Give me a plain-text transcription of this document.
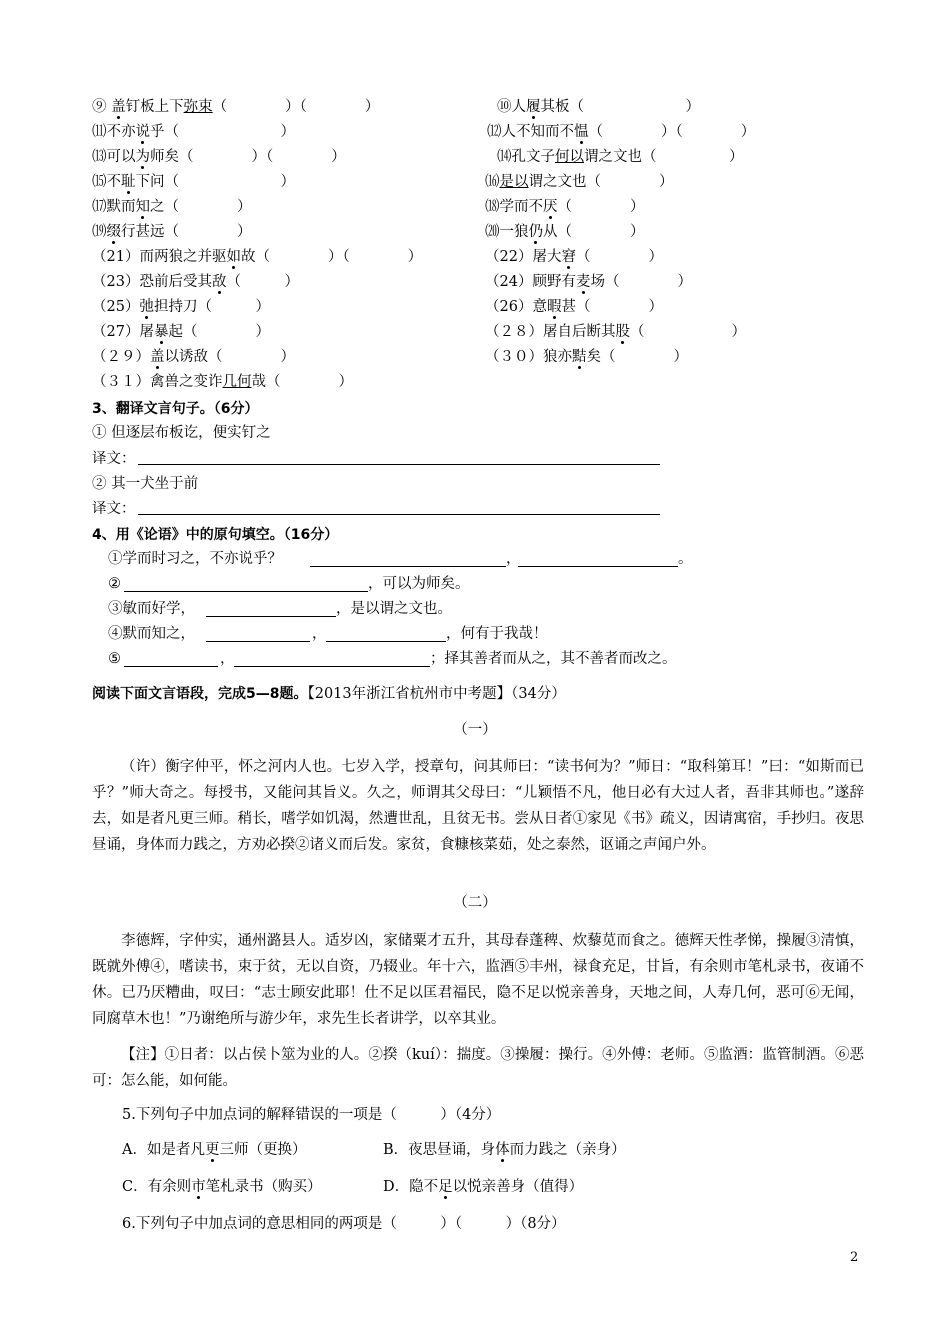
⑨ 盖钉板上下弥束（　　　　）（　　　　）	⑩人履其板（　　　　　　　）
⑾不亦说乎（　　　　　　　）	⑿人不知而不愠（　　　　）（　　　　）
⒀可以为师矣（　　　　）（　　　　）	⒁孔文子何以谓之文也（　　　　　）
⒂不耻下问（　　　　　　　）	⒃是以谓之文也（　　　　）
⒄默而知之（　　　　）	⒅学而不厌（　　　　）
⒆缀行甚远（　　　　）	⒇一狼仍从（　　　　）
（21）而两狼之并驱如故（　　　　）（　　　　）	（22）屠大窘（　　　　）
（23）恐前后受其敌（　　　）	（24）顾野有麦场（　　　　）
（25）弛担持刀（　　　）	（26）意暇甚（　　　　）
（27）屠暴起（　　　　）	（２８）屠自后断其股（　　　　　　）
（２９）盖以诱敌（　　　　）	（３０）狼亦黠矣（　　　　）
（３１）禽兽之变诈几何哉（　　　　）
3、翻译文言句子。（6分）
① 但逐层布板讫，便实钉之
译文：
② 其一犬坐于前
译文：
4、用《论语》中的原句填空。（16分）
①学而时习之，不亦说乎？	，	。
②	，可以为师矣。
③敏而好学，	，是以谓之文也。
④默而知之，	，	，何有于我哉！
⑤	，	；择其善者而从之，其不善者而改之。
阅读下面文言语段，完成5—8题。【2013年浙江省杭州市中考题】（34分）
（一）
（许）衡字仲平，怀之河内人也。七岁入学，授章句，问其师曰：“读书何为？”师日：“取科第耳！”曰：“如斯而已乎？”师大奇之。每授书，又能问其旨义。久之，师谓其父母曰：“儿颖悟不凡，他日必有大过人者，吾非其师也。”遂辞去，如是者凡更三师。稍长，嗜学如饥渴，然遭世乱，且贫无书。尝从日者①家见《书》疏义，因请寓宿，手抄归。夜思昼诵，身体而力践之，方劝必揆②诸义而后发。家贫，食糠核菜茹，处之泰然，讴诵之声闻户外。
（二）
李德辉，字仲实，通州潞县人。适岁凶，家储粟才五升，其母春蓬稗、炊藜苋而食之。德辉天性孝悌，操履③清慎，既就外傅④，嗜读书，束于贫，无以自资，乃辍业。年十六，监酒⑤丰州，禄食充足，甘旨，有余则市笔札录书，夜诵不休。已乃厌糟曲，叹曰：“志士顾安此耶！仕不足以匡君福民，隐不足以悦亲善身，天地之间，人寿几何，恶可⑥无闻，同腐草木也！”乃谢绝所与游少年，求先生长者讲学，以卒其业。
【注】①日者：以占侯卜筮为业的人。②揆（kuí）：揣度。③操履：操行。④外傅：老师。⑤监酒：监管制酒。⑥恶可：怎么能，如何能。
5.下列句子中加点词的解释错误的一项是（　　　）（4分）
A．如是者凡更三师（更换）	B．夜思昼诵，身体而力践之（亲身）
C．有余则市笔札录书（购买）	D．隐不足以悦亲善身（值得）
6.下列句子中加点词的意思相同的两项是（　　　）（　　　）（8分）
2
